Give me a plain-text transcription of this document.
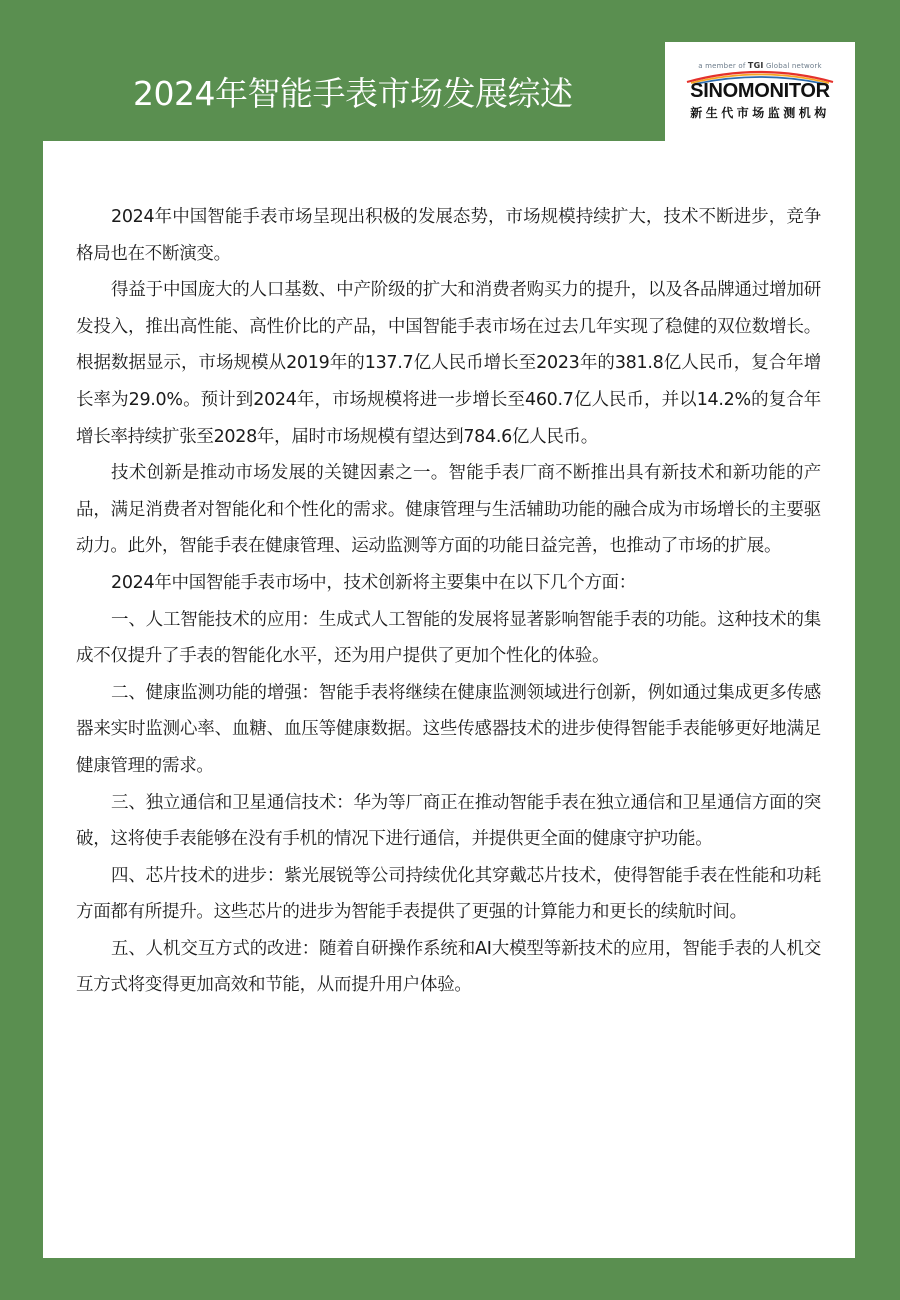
2024年智能手表市场发展综述
a member of TGI Global network
SINOMONITOR
新生代市场监测机构

2024年中国智能手表市场呈现出积极的发展态势，市场规模持续扩大，技术不断进步，竞争格局也在不断演变。

得益于中国庞大的人口基数、中产阶级的扩大和消费者购买力的提升，以及各品牌通过增加研发投入，推出高性能、高性价比的产品，中国智能手表市场在过去几年实现了稳健的双位数增长。根据数据显示，市场规模从2019年的137.7亿人民币增长至2023年的381.8亿人民币，复合年增长率为29.0%。预计到2024年，市场规模将进一步增长至460.7亿人民币，并以14.2%的复合年增长率持续扩张至2028年，届时市场规模有望达到784.6亿人民币。

技术创新是推动市场发展的关键因素之一。智能手表厂商不断推出具有新技术和新功能的产品，满足消费者对智能化和个性化的需求。健康管理与生活辅助功能的融合成为市场增长的主要驱动力。此外，智能手表在健康管理、运动监测等方面的功能日益完善，也推动了市场的扩展。

2024年中国智能手表市场中，技术创新将主要集中在以下几个方面：

一、人工智能技术的应用：生成式人工智能的发展将显著影响智能手表的功能。这种技术的集成不仅提升了手表的智能化水平，还为用户提供了更加个性化的体验。

二、健康监测功能的增强：智能手表将继续在健康监测领域进行创新，例如通过集成更多传感器来实时监测心率、血糖、血压等健康数据。这些传感器技术的进步使得智能手表能够更好地满足健康管理的需求。

三、独立通信和卫星通信技术：华为等厂商正在推动智能手表在独立通信和卫星通信方面的突破，这将使手表能够在没有手机的情况下进行通信，并提供更全面的健康守护功能。

四、芯片技术的进步：紫光展锐等公司持续优化其穿戴芯片技术，使得智能手表在性能和功耗方面都有所提升。这些芯片的进步为智能手表提供了更强的计算能力和更长的续航时间。

五、人机交互方式的改进：随着自研操作系统和AI大模型等新技术的应用，智能手表的人机交互方式将变得更加高效和节能，从而提升用户体验。
